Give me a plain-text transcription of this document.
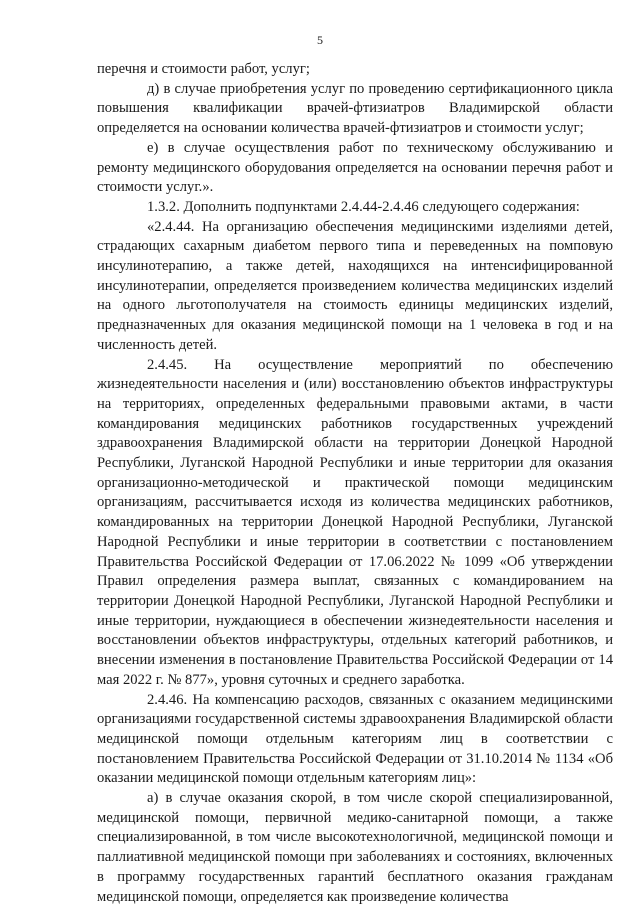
5

перечня и стоимости работ, услуг;

д) в случае приобретения услуг по проведению сертификационного цикла повышения квалификации врачей-фтизиатров Владимирской области определяется на основании количества врачей-фтизиатров и стоимости услуг;

е) в случае осуществления работ по техническому обслуживанию и ремонту медицинского оборудования определяется на основании перечня работ и стоимости услуг.».

1.3.2. Дополнить подпунктами 2.4.44-2.4.46 следующего содержания:

«2.4.44. На организацию обеспечения медицинскими изделиями детей, страдающих сахарным диабетом первого типа и переведенных на помповую инсулинотерапию, а также детей, находящихся на интенсифицированной инсулинотерапии, определяется произведением количества медицинских изделий на одного льготополучателя на стоимость единицы медицинских изделий, предназначенных для оказания медицинской помощи на 1 человека в год и на численность детей.

2.4.45. На осуществление мероприятий по обеспечению жизнедеятельности населения и (или) восстановлению объектов инфраструктуры на территориях, определенных федеральными правовыми актами, в части командирования медицинских работников государственных учреждений здравоохранения Владимирской области на территории Донецкой Народной Республики, Луганской Народной Республики и иные территории для оказания организационно-методической и практической помощи медицинским организациям, рассчитывается исходя из количества медицинских работников, командированных на территории Донецкой Народной Республики, Луганской Народной Республики и иные территории в соответствии с постановлением Правительства Российской Федерации от 17.06.2022 № 1099 «Об утверждении Правил определения размера выплат, связанных с командированием на территории Донецкой Народной Республики, Луганской Народной Республики и иные территории, нуждающиеся в обеспечении жизнедеятельности населения и восстановлении объектов инфраструктуры, отдельных категорий работников, и внесении изменения в постановление Правительства Российской Федерации от 14 мая 2022 г. № 877», уровня суточных и среднего заработка.

2.4.46. На компенсацию расходов, связанных с оказанием медицинскими организациями государственной системы здравоохранения Владимирской области медицинской помощи отдельным категориям лиц в соответствии с постановлением Правительства Российской Федерации от 31.10.2014 № 1134 «Об оказании медицинской помощи отдельным категориям лиц»:

а) в случае оказания скорой, в том числе скорой специализированной, медицинской помощи, первичной медико-санитарной помощи, а также специализированной, в том числе высокотехнологичной, медицинской помощи и паллиативной медицинской помощи при заболеваниях и состояниях, включенных в программу государственных гарантий бесплатного оказания гражданам медицинской помощи, определяется как произведение количества
